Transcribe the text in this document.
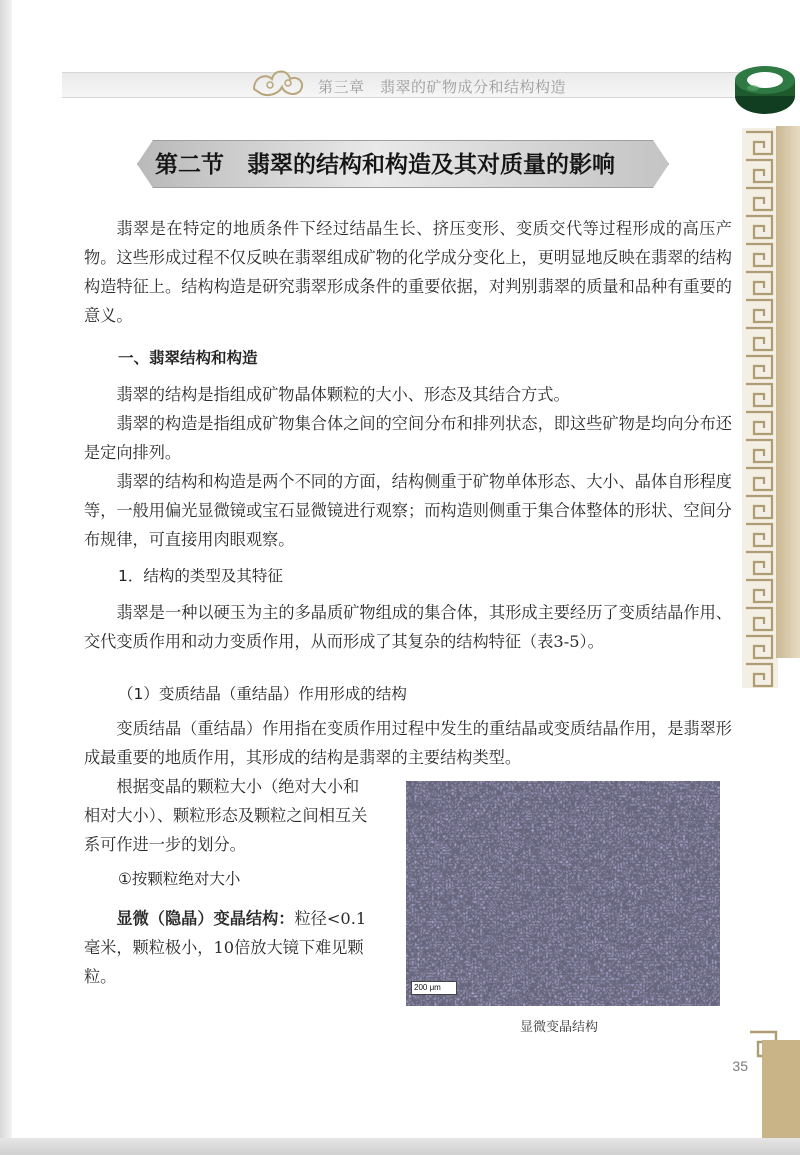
第三章　翡翠的矿物成分和结构构造
35
第二节　翡翠的结构和构造及其对质量的影响

翡翠是在特定的地质条件下经过结晶生长、挤压变形、变质交代等过程形成的高压产物。这些形成过程不仅反映在翡翠组成矿物的化学成分变化上，更明显地反映在翡翠的结构构造特征上。结构构造是研究翡翠形成条件的重要依据，对判别翡翠的质量和品种有重要的意义。

一、翡翠结构和构造

翡翠的结构是指组成矿物晶体颗粒的大小、形态及其结合方式。

翡翠的构造是指组成矿物集合体之间的空间分布和排列状态，即这些矿物是均向分布还是定向排列。

翡翠的结构和构造是两个不同的方面，结构侧重于矿物单体形态、大小、晶体自形程度等，一般用偏光显微镜或宝石显微镜进行观察；而构造则侧重于集合体整体的形状、空间分布规律，可直接用肉眼观察。

1．结构的类型及其特征

翡翠是一种以硬玉为主的多晶质矿物组成的集合体，其形成主要经历了变质结晶作用、交代变质作用和动力变质作用，从而形成了其复杂的结构特征（表3-5）。

（1）变质结晶（重结晶）作用形成的结构

变质结晶（重结晶）作用指在变质作用过程中发生的重结晶或变质结晶作用，是翡翠形成最重要的地质作用，其形成的结构是翡翠的主要结构类型。

根据变晶的颗粒大小（绝对大小和相对大小）、颗粒形态及颗粒之间相互关系可作进一步的划分。

①按颗粒绝对大小

显微（隐晶）变晶结构：粒径<0.1毫米，颗粒极小，10倍放大镜下难见颗粒。

200 μm
显微变晶结构
